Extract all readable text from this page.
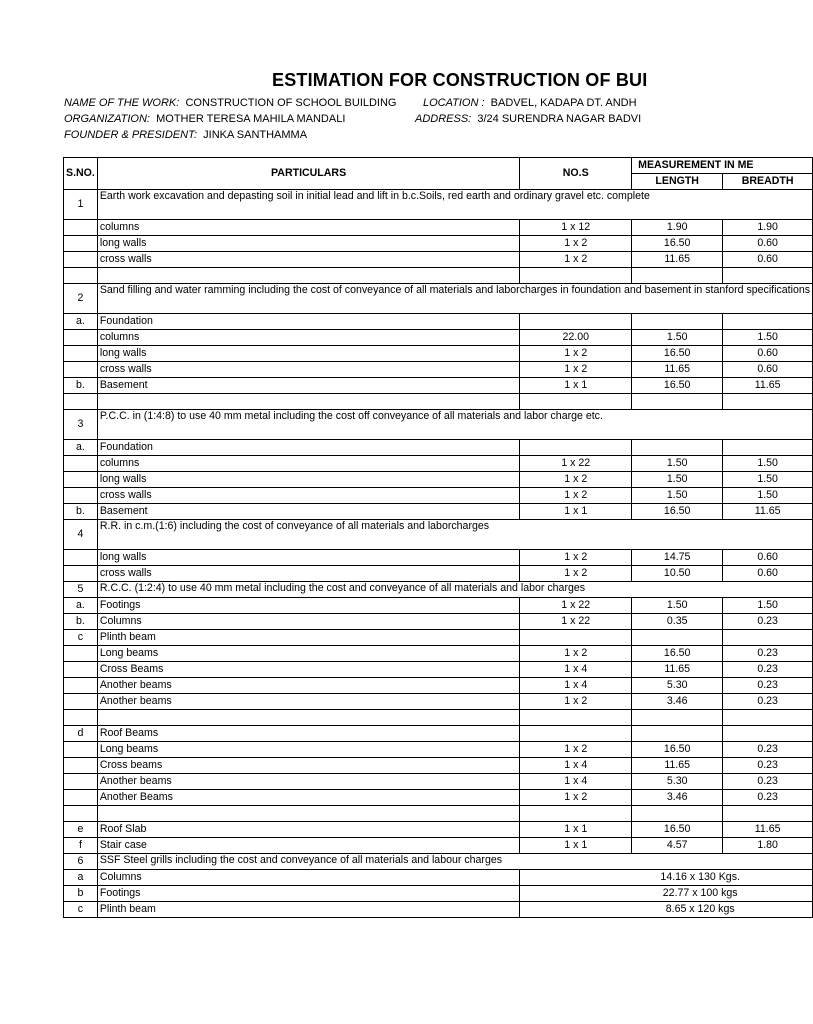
ESTIMATION FOR CONSTRUCTION OF BUI
NAME OF THE WORK: CONSTRUCTION OF SCHOOL BUILDING LOCATION : BADVEL, KADAPA DT. ANDH
ORGANIZATION: MOTHER TERESA MAHILA MANDALI	ADDRESS: 3/24 SURENDRA NAGAR BADVI
FOUNDER & PRESIDENT: JINKA SANTHAMMA
S.NO.	PARTICULARS	NO.S	MEASUREMENT IN ME	
			LENGTH	BREADTH
1	Earth work excavation and depasting soil in initial lead and lift in b.c.Soils, red earth and ordinary gravel etc. complete			
	columns	1 x 12	1.90	1.90
	long walls	1 x 2	16.50	0.60
	cross walls	1 x 2	11.65	0.60

2	Sand filling and water ramming including the cost of conveyance of all materials and laborcharges in foundation and basement in stanford specifications			
a.	Foundation			
	columns	22.00	1.50	1.50
	long walls	1 x 2	16.50	0.60
	cross walls	1 x 2	11.65	0.60
b.	Basement	1 x 1	16.50	11.65

3	P.C.C. in (1:4:8) to use 40 mm metal including the cost off conveyance of all materials and labor charge etc.			
a.	Foundation			
	columns	1 x 22	1.50	1.50
	long walls	1 x 2	1.50	1.50
	cross walls	1 x 2	1.50	1.50
b.	Basement	1 x 1	16.50	11.65
4	R.R. in c.m.(1:6) including the cost of conveyance of all materials and laborcharges			
	long walls	1 x 2	14.75	0.60
	cross walls	1 x 2	10.50	0.60
5	R.C.C. (1:2:4) to use 40 mm metal including the cost and conveyance of all materials and labor charges			
a.	Footings	1 x 22	1.50	1.50
b.	Columns	1 x 22	0.35	0.23
c	Plinth beam			
	Long beams	1 x 2	16.50	0.23
	Cross Beams	1 x 4	11.65	0.23
	Another beams	1 x 4	5.30	0.23
	Another beams	1 x 2	3.46	0.23

d	Roof Beams			
	Long beams	1 x 2	16.50	0.23
	Cross beams	1 x 4	11.65	0.23
	Another beams	1 x 4	5.30	0.23
	Another Beams	1 x 2	3.46	0.23

e	Roof Slab	1 x 1	16.50	11.65
f	Stair case	1 x 1	4.57	1.80
6	SSF Steel grills including the cost and conveyance of all materials and labour charges			
a	Columns	14.16 x 130 Kgs.		
b	Footings	22.77 x 100 kgs		
c	Plinth beam	8.65 x 120 kgs		
